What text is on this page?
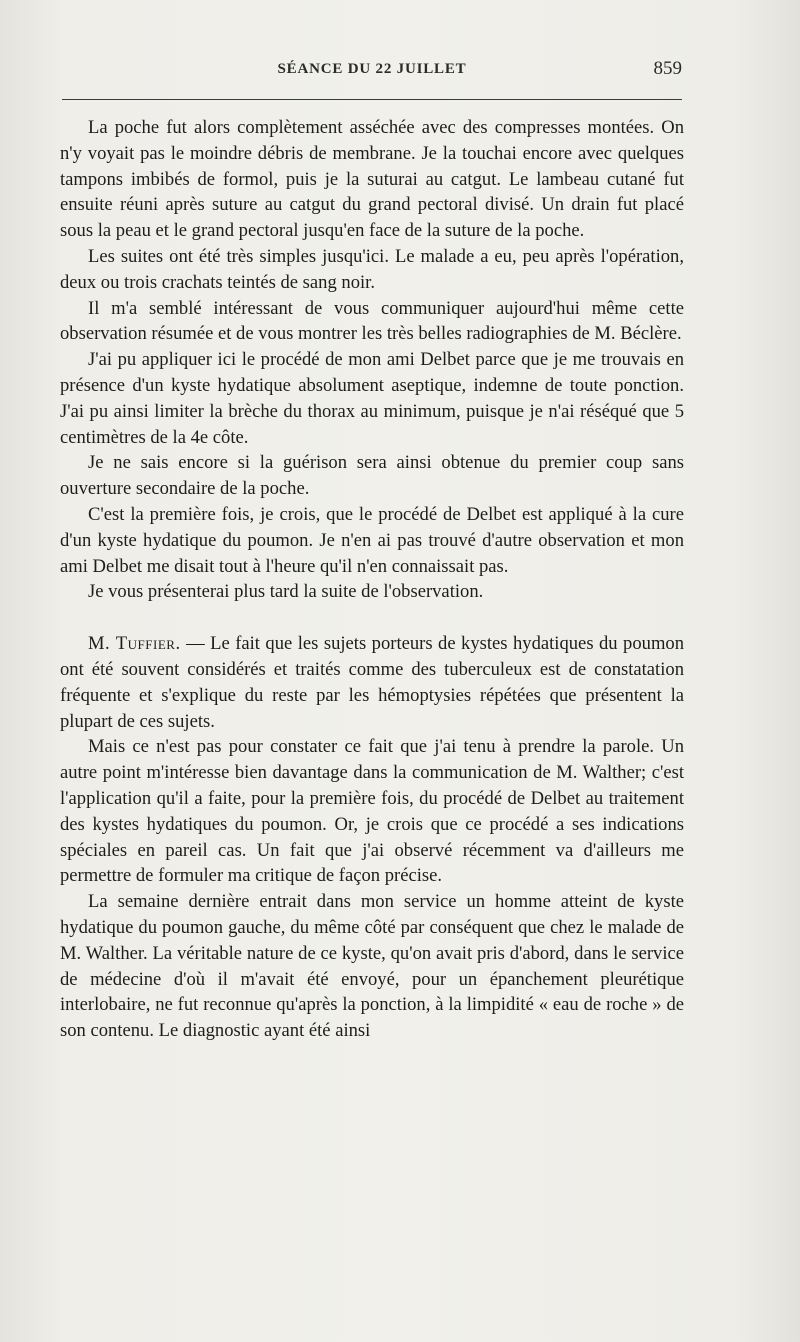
SÉANCE DU 22 JUILLET	859

La poche fut alors complètement asséchée avec des compresses montées. On n'y voyait pas le moindre débris de membrane. Je la touchai encore avec quelques tampons imbibés de formol, puis je la suturai au catgut. Le lambeau cutané fut ensuite réuni après suture au catgut du grand pectoral divisé. Un drain fut placé sous la peau et le grand pectoral jusqu'en face de la suture de la poche.

Les suites ont été très simples jusqu'ici. Le malade a eu, peu après l'opération, deux ou trois crachats teintés de sang noir.

Il m'a semblé intéressant de vous communiquer aujourd'hui même cette observation résumée et de vous montrer les très belles radiographies de M. Béclère.

J'ai pu appliquer ici le procédé de mon ami Delbet parce que je me trouvais en présence d'un kyste hydatique absolument aseptique, indemne de toute ponction. J'ai pu ainsi limiter la brèche du thorax au minimum, puisque je n'ai réséqué que 5 centimètres de la 4e côte.

Je ne sais encore si la guérison sera ainsi obtenue du premier coup sans ouverture secondaire de la poche.

C'est la première fois, je crois, que le procédé de Delbet est appliqué à la cure d'un kyste hydatique du poumon. Je n'en ai pas trouvé d'autre observation et mon ami Delbet me disait tout à l'heure qu'il n'en connaissait pas.

Je vous présenterai plus tard la suite de l'observation.

M. Tuffier. — Le fait que les sujets porteurs de kystes hydatiques du poumon ont été souvent considérés et traités comme des tuberculeux est de constatation fréquente et s'explique du reste par les hémoptysies répétées que présentent la plupart de ces sujets.

Mais ce n'est pas pour constater ce fait que j'ai tenu à prendre la parole. Un autre point m'intéresse bien davantage dans la communication de M. Walther; c'est l'application qu'il a faite, pour la première fois, du procédé de Delbet au traitement des kystes hydatiques du poumon. Or, je crois que ce procédé a ses indications spéciales en pareil cas. Un fait que j'ai observé récemment va d'ailleurs me permettre de formuler ma critique de façon précise.

La semaine dernière entrait dans mon service un homme atteint de kyste hydatique du poumon gauche, du même côté par conséquent que chez le malade de M. Walther. La véritable nature de ce kyste, qu'on avait pris d'abord, dans le service de médecine d'où il m'avait été envoyé, pour un épanchement pleurétique interlobaire, ne fut reconnue qu'après la ponction, à la limpidité « eau de roche » de son contenu. Le diagnostic ayant été ainsi
